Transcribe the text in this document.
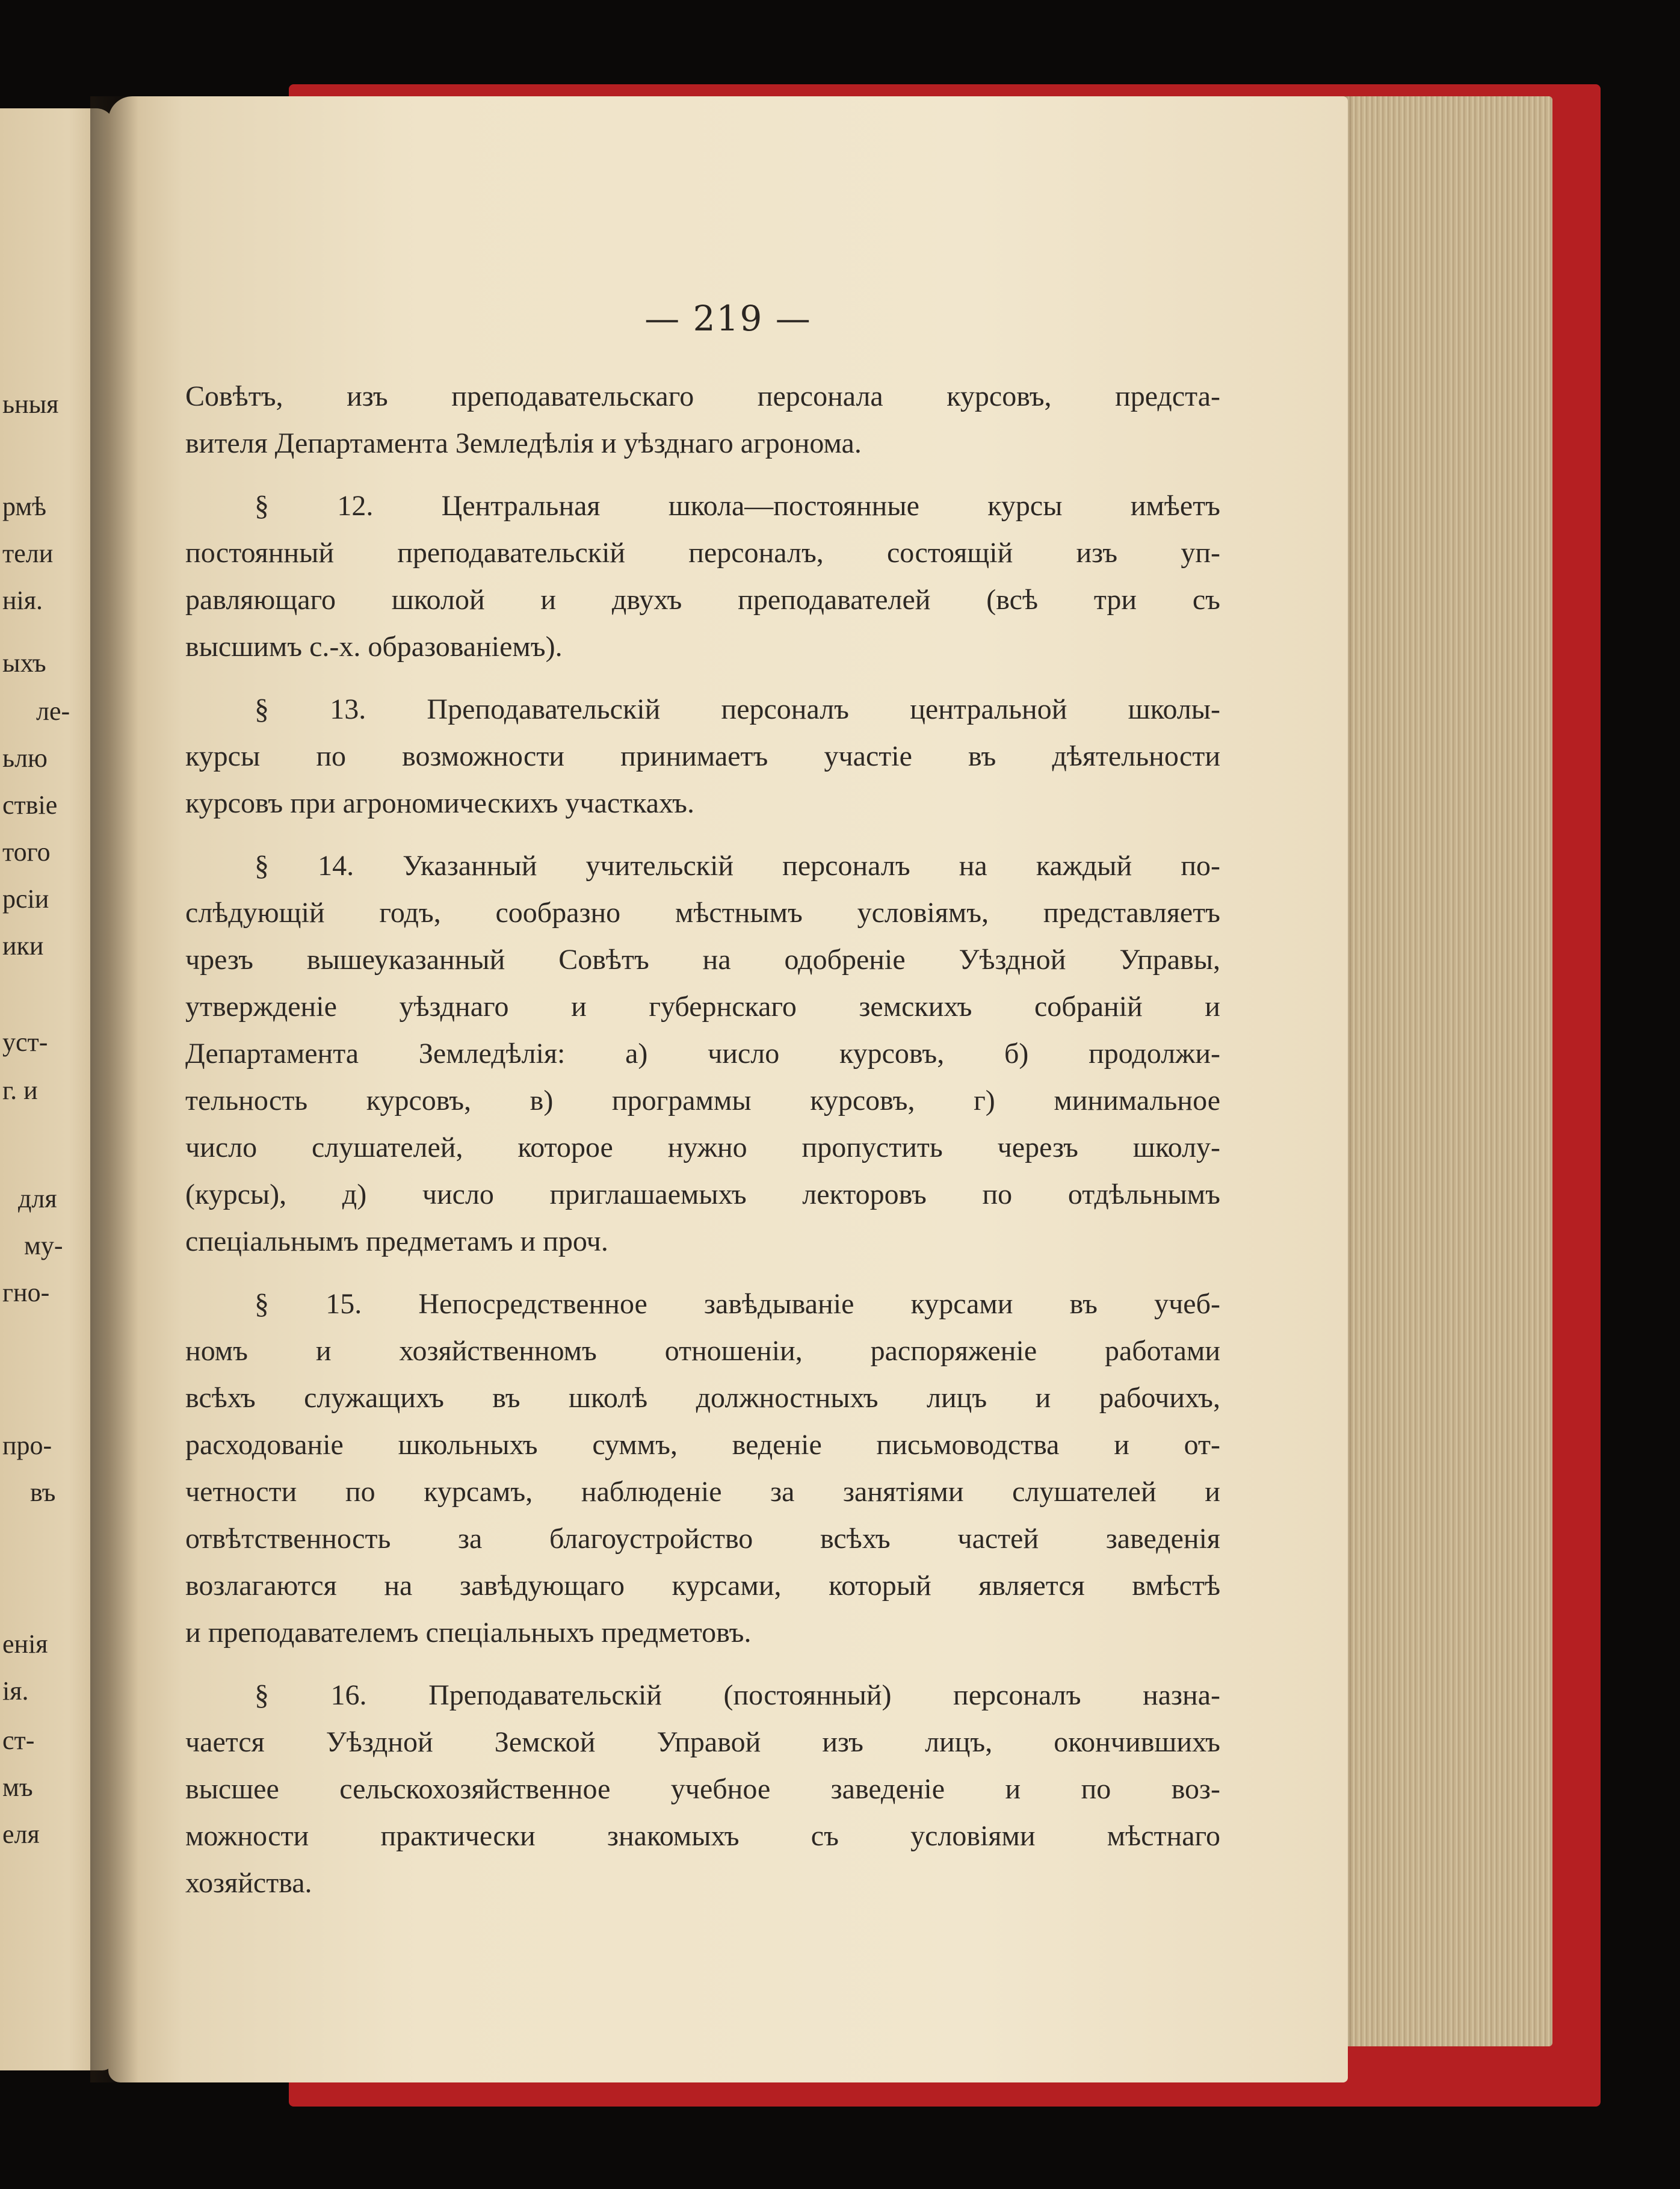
ьныя
рмѣ
тели
нія.
ыхъ
ле-
ьлю
ствіе
того
рсіи
ики
уст-
г. и
для
му-
гно-
про-
въ
енія
ія.
ст-
мъ
еля
— 219 —
Совѣтъ, изъ преподавательскаго персонала курсовъ, предста-
вителя Департамента Земледѣлія и уѣзднаго агронома.
§ 12. Центральная школа—постоянные курсы имѣетъ
постоянный преподавательскій персоналъ, состоящій изъ уп-
равляющаго школой и двухъ преподавателей (всѣ три съ
высшимъ с.-х. образованіемъ).
§ 13. Преподавательскій персоналъ центральной школы-
курсы по возможности принимаетъ участіе въ дѣятельности
курсовъ при агрономическихъ участкахъ.
§ 14. Указанный учительскій персоналъ на каждый по-
слѣдующій годъ, сообразно мѣстнымъ условіямъ, представляетъ
чрезъ вышеуказанный Совѣтъ на одобреніе Уѣздной Управы,
утвержденіе уѣзднаго и губернскаго земскихъ собраній и
Департамента Земледѣлія: а) число курсовъ, б) продолжи-
тельность курсовъ, в) программы курсовъ, г) минимальное
число слушателей, которое нужно пропустить черезъ школу-
(курсы), д) число приглашаемыхъ лекторовъ по отдѣльнымъ
спеціальнымъ предметамъ и проч.
§ 15. Непосредственное завѣдываніе курсами въ учеб-
номъ и хозяйственномъ отношеніи, распоряженіе работами
всѣхъ служащихъ въ школѣ должностныхъ лицъ и рабочихъ,
расходованіе школьныхъ суммъ, веденіе письмоводства и от-
четности по курсамъ, наблюденіе за занятіями слушателей и
отвѣтственность за благоустройство всѣхъ частей заведенія
возлагаются на завѣдующаго курсами, который является вмѣстѣ
и преподавателемъ спеціальныхъ предметовъ.
§ 16. Преподавательскій (постоянный) персоналъ назна-
чается Уѣздной Земской Управой изъ лицъ, окончившихъ
высшее сельскохозяйственное учебное заведеніе и по воз-
можности практически знакомыхъ съ условіями мѣстнаго
хозяйства.
